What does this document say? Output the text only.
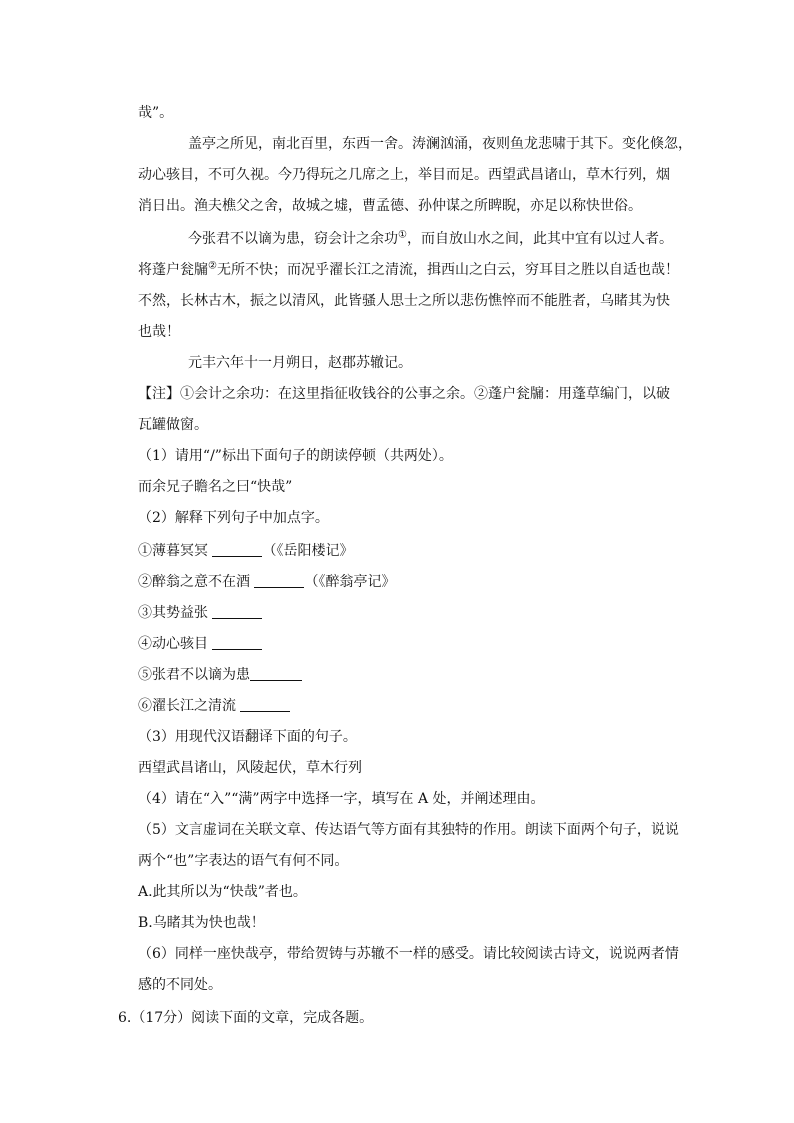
哉”。
盖亭之所见，南北百里，东西一舍。涛澜汹涌，夜则鱼龙悲啸于其下。变化倏忽，
动心骇目，不可久视。今乃得玩之几席之上，举目而足。西望武昌诸山，草木行列，烟
消日出。渔夫樵父之舍，故城之墟，曹孟德、孙仲谋之所睥睨，亦足以称快世俗。
今张君不以谪为患，窃会计之余功①，而自放山水之间，此其中宜有以过人者。
将蓬户瓮牖②无所不快；而况乎濯长江之清流，揖西山之白云，穷耳目之胜以自适也哉！
不然，长林古木，振之以清风，此皆骚人思士之所以悲伤憔悴而不能胜者，乌睹其为快
也哉！
元丰六年十一月朔日，赵郡苏辙记。
【注】①会计之余功：在这里指征收钱谷的公事之余。②蓬户瓮牖：用蓬草编门，以破
瓦罐做窗。
（1）请用“/”标出下面句子的朗读停顿（共两处）。
而余兄子瞻名之曰“快哉”
（2）解释下列句子中加点字。
①薄暮冥冥	（《岳阳楼记》
②醉翁之意不在酒	（《醉翁亭记》
③其势益张
④动心骇目
⑤张君不以谪为患
⑥濯长江之清流
（3）用现代汉语翻译下面的句子。
西望武昌诸山，风陵起伏，草木行列
（4）请在“入”“满”两字中选择一字，填写在 A 处，并阐述理由。
（5）文言虚词在关联文章、传达语气等方面有其独特的作用。朗读下面两个句子，说说
两个“也”字表达的语气有何不同。
A.此其所以为“快哉”者也。
B.乌睹其为快也哉！
（6）同样一座快哉亭，带给贺铸与苏辙不一样的感受。请比较阅读古诗文，说说两者情
感的不同处。
6.（17分）阅读下面的文章，完成各题。
